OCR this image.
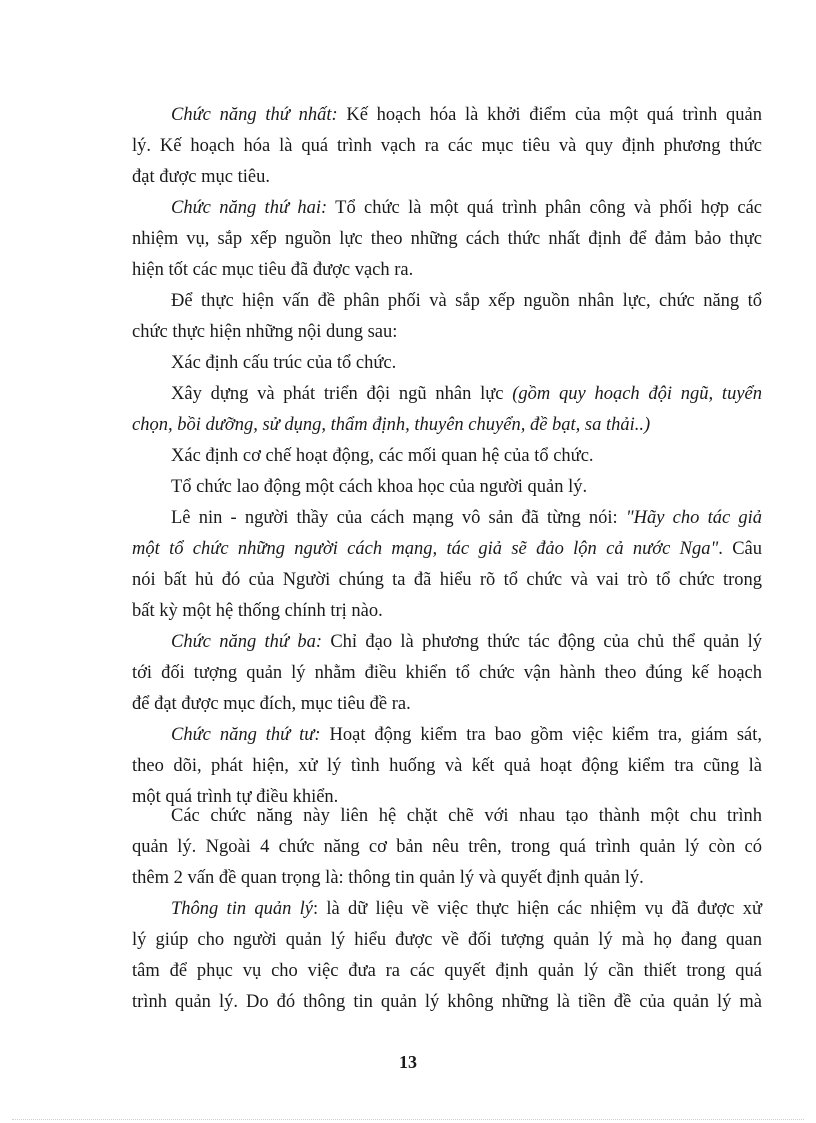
Chức năng thứ nhất: Kế hoạch hóa là khởi điểm của một quá trình quản
lý. Kế hoạch hóa là quá trình vạch ra các mục tiêu và quy định phương thức
đạt được mục tiêu.
Chức năng thứ hai: Tổ chức là một quá trình phân công và phối hợp các
nhiệm vụ, sắp xếp nguồn lực theo những cách thức nhất định để đảm bảo thực
hiện tốt các mục tiêu đã được vạch ra.
Để thực hiện vấn đề phân phối và sắp xếp nguồn nhân lực, chức năng tổ
chức thực hiện những nội dung sau:
Xác định cấu trúc của tổ chức.
Xây dựng và phát triển đội ngũ nhân lực (gồm quy hoạch đội ngũ, tuyển
chọn, bồi dưỡng, sử dụng, thẩm định, thuyên chuyển, đề bạt, sa thải..)
Xác định cơ chế hoạt động, các mối quan hệ của tổ chức.
Tổ chức lao động một cách khoa học của người quản lý.
Lê nin - người thầy của cách mạng vô sản đã từng nói: "Hãy cho tác giả
một tổ chức những người cách mạng, tác giả sẽ đảo lộn cả nước Nga". Câu
nói bất hủ đó của Người chúng ta đã hiểu rõ tổ chức và vai trò tổ chức trong
bất kỳ một hệ thống chính trị nào.
Chức năng thứ ba: Chỉ đạo là phương thức tác động của chủ thể quản lý
tới đối tượng quản lý nhằm điều khiển tổ chức vận hành theo đúng kế hoạch
để đạt được mục đích, mục tiêu đề ra.
Chức năng thứ tư: Hoạt động kiểm tra bao gồm việc kiểm tra, giám sát,
theo dõi, phát hiện, xử lý tình huống và kết quả hoạt động kiểm tra cũng là
một quá trình tự điều khiển.
Các chức năng này liên hệ chặt chẽ với nhau tạo thành một chu trình
quản lý. Ngoài 4 chức năng cơ bản nêu trên, trong quá trình quản lý còn có
thêm 2 vấn đề quan trọng là: thông tin quản lý và quyết định quản lý.
Thông tin quản lý: là dữ liệu về việc thực hiện các nhiệm vụ đã được xử
lý giúp cho người quản lý hiểu được về đối tượng quản lý mà họ đang quan
tâm để phục vụ cho việc đưa ra các quyết định quản lý cần thiết trong quá
trình quản lý. Do đó thông tin quản lý không những là tiền đề của quản lý mà
13
